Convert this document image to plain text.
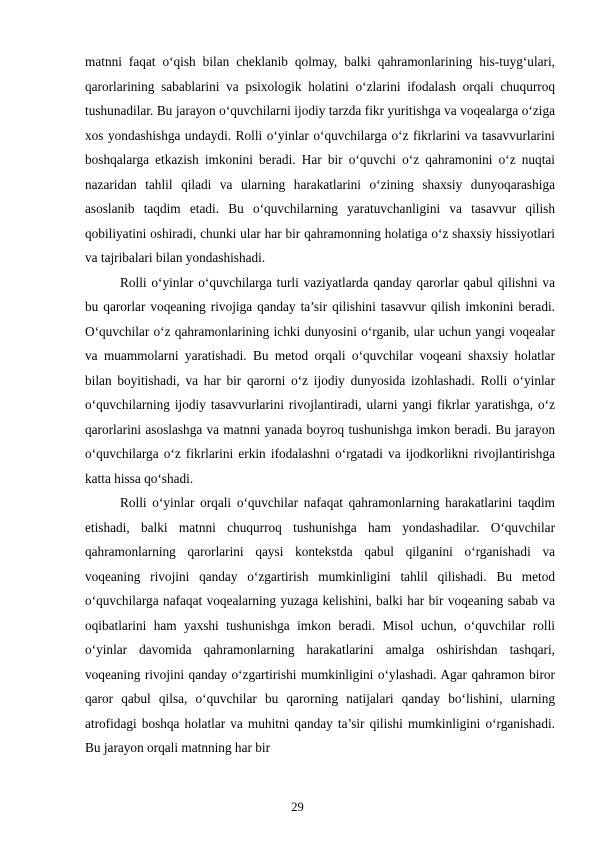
matnni faqat o‘qish bilan cheklanib qolmay, balki qahramonlarining his-tuyg‘ulari, qarorlarining sabablarini va psixologik holatini o‘zlarini ifodalash orqali chuqurroq tushunadilar. Bu jarayon o‘quvchilarni ijodiy tarzda fikr yuritishga va voqealarga o‘ziga xos yondashishga undaydi. Rolli o‘yinlar o‘quvchilarga o‘z fikrlarini va tasavvurlarini boshqalarga etkazish imkonini beradi. Har bir o‘quvchi o‘z qahramonini o‘z nuqtai nazaridan tahlil qiladi va ularning harakatlarini o‘zining shaxsiy dunyoqarashiga asoslanib taqdim etadi. Bu o‘quvchilarning yaratuvchanligini va tasavvur qilish qobiliyatini oshiradi, chunki ular har bir qahramonning holatiga o‘z shaxsiy hissiyotlari va tajribalari bilan yondashishadi.

Rolli o‘yinlar o‘quvchilarga turli vaziyatlarda qanday qarorlar qabul qilishni va bu qarorlar voqeaning rivojiga qanday ta’sir qilishini tasavvur qilish imkonini beradi. O‘quvchilar o‘z qahramonlarining ichki dunyosini o‘rganib, ular uchun yangi voqealar va muammolarni yaratishadi. Bu metod orqali o‘quvchilar voqeani shaxsiy holatlar bilan boyitishadi, va har bir qarorni o‘z ijodiy dunyosida izohlashadi. Rolli o‘yinlar o‘quvchilarning ijodiy tasavvurlarini rivojlantiradi, ularni yangi fikrlar yaratishga, o‘z qarorlarini asoslashga va matnni yanada boyroq tushunishga imkon beradi. Bu jarayon o‘quvchilarga o‘z fikrlarini erkin ifodalashni o‘rgatadi va ijodkorlikni rivojlantirishga katta hissa qo‘shadi.

Rolli o‘yinlar orqali o‘quvchilar nafaqat qahramonlarning harakatlarini taqdim etishadi, balki matnni chuqurroq tushunishga ham yondashadilar. O‘quvchilar qahramonlarning qarorlarini qaysi kontekstda qabul qilganini o‘rganishadi va voqeaning rivojini qanday o‘zgartirish mumkinligini tahlil qilishadi. Bu metod o‘quvchilarga nafaqat voqealarning yuzaga kelishini, balki har bir voqeaning sabab va oqibatlarini ham yaxshi tushunishga imkon beradi. Misol uchun, o‘quvchilar rolli o‘yinlar davomida qahramonlarning harakatlarini amalga oshirishdan tashqari, voqeaning rivojini qanday o‘zgartirishi mumkinligini o‘ylashadi. Agar qahramon biror qaror qabul qilsa, o‘quvchilar bu qarorning natijalari qanday bo‘lishini, ularning atrofidagi boshqa holatlar va muhitni qanday ta’sir qilishi mumkinligini o‘rganishadi. Bu jarayon orqali matnning har bir

29
